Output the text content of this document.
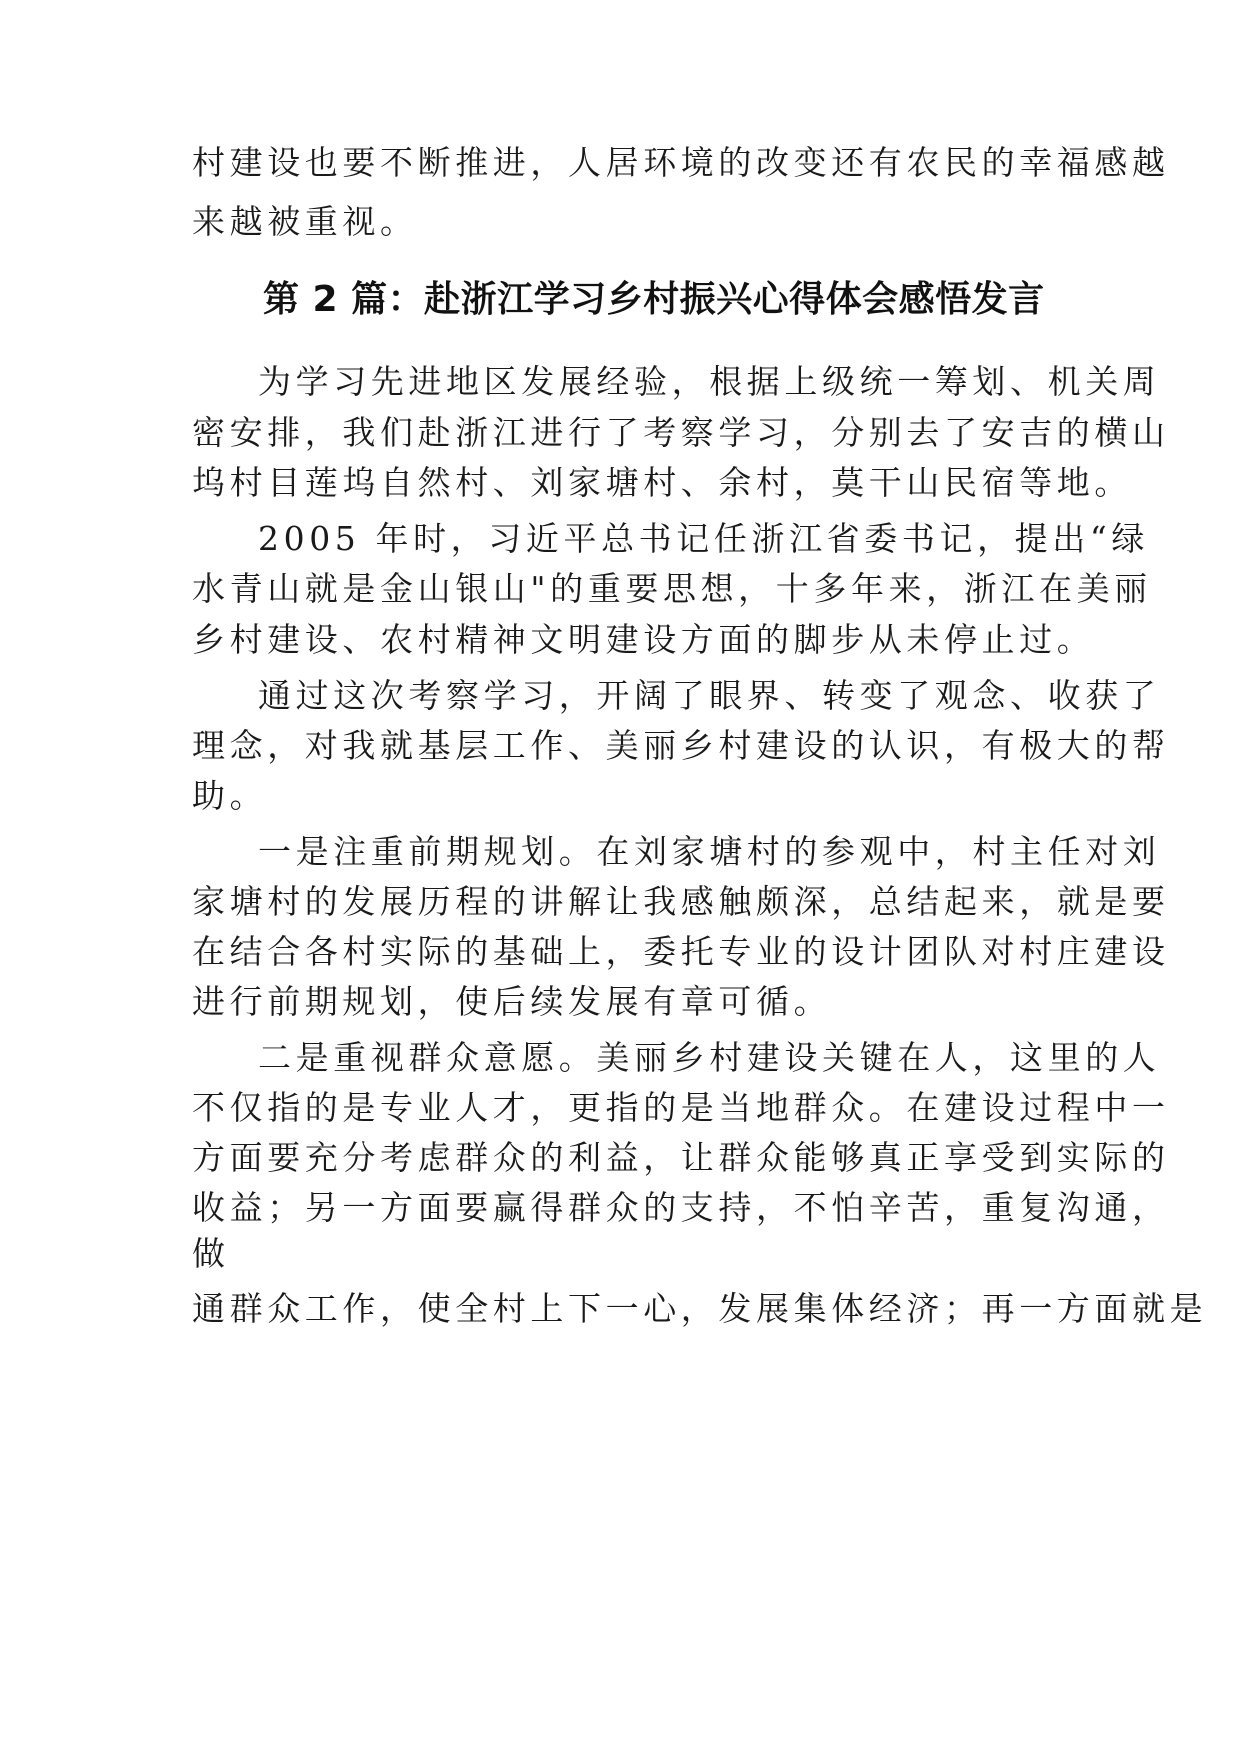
村建设也要不断推进，人居环境的改变还有农民的幸福感越
来越被重视。
第 2 篇：赴浙江学习乡村振兴心得体会感悟发言
为学习先进地区发展经验，根据上级统一筹划、机关周
密安排，我们赴浙江进行了考察学习，分别去了安吉的横山
坞村目莲坞自然村、刘家塘村、余村，莫干山民宿等地。
2005 年时，习近平总书记任浙江省委书记，提出“绿
水青山就是金山银山"的重要思想，十多年来，浙江在美丽
乡村建设、农村精神文明建设方面的脚步从未停止过。
通过这次考察学习，开阔了眼界、转变了观念、收获了
理念，对我就基层工作、美丽乡村建设的认识，有极大的帮
助。
一是注重前期规划。在刘家塘村的参观中，村主任对刘
家塘村的发展历程的讲解让我感触颇深，总结起来，就是要
在结合各村实际的基础上，委托专业的设计团队对村庄建设
进行前期规划，使后续发展有章可循。
二是重视群众意愿。美丽乡村建设关键在人，这里的人
不仅指的是专业人才，更指的是当地群众。在建设过程中一
方面要充分考虑群众的利益，让群众能够真正享受到实际的
收益；另一方面要赢得群众的支持，不怕辛苦，重复沟通，
做
通群众工作，使全村上下一心，发展集体经济；再一方面就是
